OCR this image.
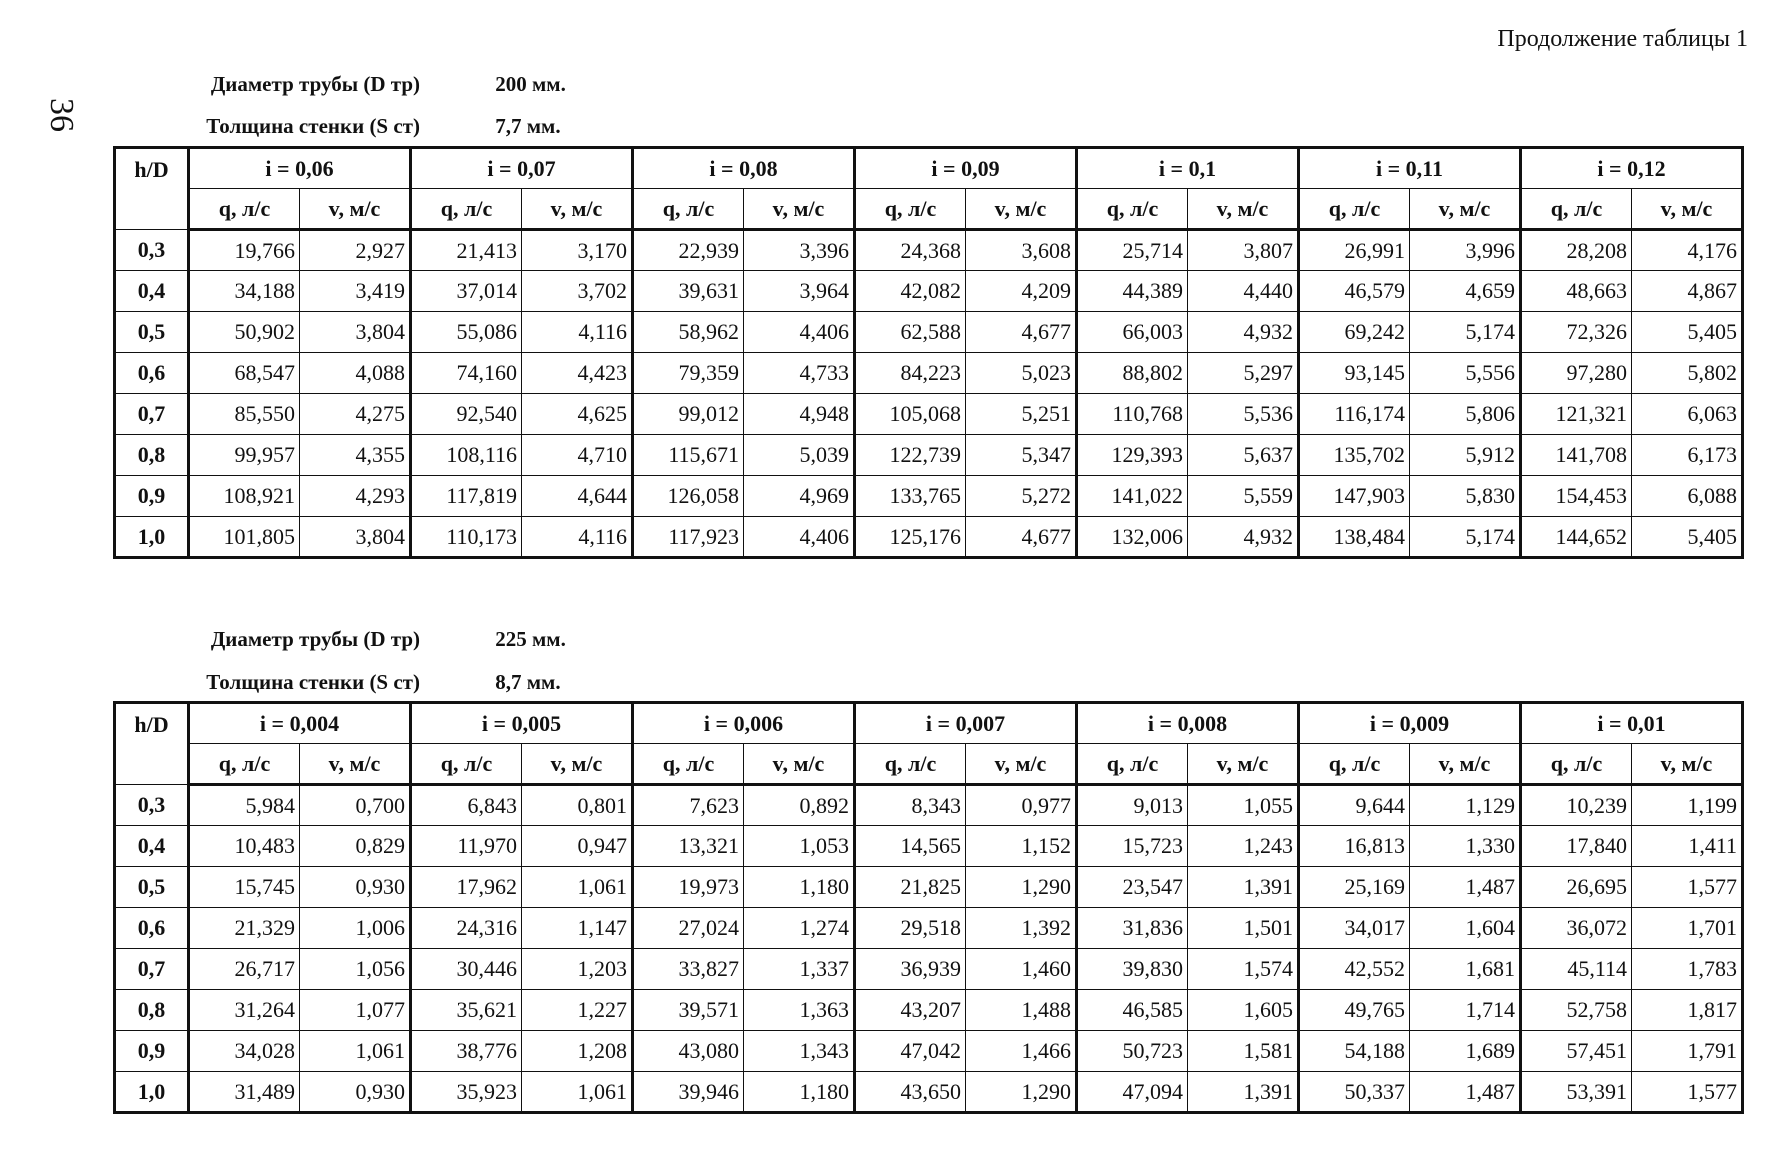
Продолжение таблицы 1
36
Диаметр трубы (D тр)	200 мм.
Толщина стенки (S ст)	7,7 мм.
h/D	i = 0,06		i = 0,07		i = 0,08		i = 0,09		i = 0,1		i = 0,11		i = 0,12	
	q, л/с	v, м/с	q, л/с	v, м/с	q, л/с	v, м/с	q, л/с	v, м/с	q, л/с	v, м/с	q, л/с	v, м/с	q, л/с	v, м/с
0,3	19,766	2,927	21,413	3,170	22,939	3,396	24,368	3,608	25,714	3,807	26,991	3,996	28,208	4,176
0,4	34,188	3,419	37,014	3,702	39,631	3,964	42,082	4,209	44,389	4,440	46,579	4,659	48,663	4,867
0,5	50,902	3,804	55,086	4,116	58,962	4,406	62,588	4,677	66,003	4,932	69,242	5,174	72,326	5,405
0,6	68,547	4,088	74,160	4,423	79,359	4,733	84,223	5,023	88,802	5,297	93,145	5,556	97,280	5,802
0,7	85,550	4,275	92,540	4,625	99,012	4,948	105,068	5,251	110,768	5,536	116,174	5,806	121,321	6,063
0,8	99,957	4,355	108,116	4,710	115,671	5,039	122,739	5,347	129,393	5,637	135,702	5,912	141,708	6,173
0,9	108,921	4,293	117,819	4,644	126,058	4,969	133,765	5,272	141,022	5,559	147,903	5,830	154,453	6,088
1,0	101,805	3,804	110,173	4,116	117,923	4,406	125,176	4,677	132,006	4,932	138,484	5,174	144,652	5,405
Диаметр трубы (D тр)	225 мм.
Толщина стенки (S ст)	8,7 мм.
h/D	i = 0,004		i = 0,005		i = 0,006		i = 0,007		i = 0,008		i = 0,009		i = 0,01	
	q, л/с	v, м/с	q, л/с	v, м/с	q, л/с	v, м/с	q, л/с	v, м/с	q, л/с	v, м/с	q, л/с	v, м/с	q, л/с	v, м/с
0,3	5,984	0,700	6,843	0,801	7,623	0,892	8,343	0,977	9,013	1,055	9,644	1,129	10,239	1,199
0,4	10,483	0,829	11,970	0,947	13,321	1,053	14,565	1,152	15,723	1,243	16,813	1,330	17,840	1,411
0,5	15,745	0,930	17,962	1,061	19,973	1,180	21,825	1,290	23,547	1,391	25,169	1,487	26,695	1,577
0,6	21,329	1,006	24,316	1,147	27,024	1,274	29,518	1,392	31,836	1,501	34,017	1,604	36,072	1,701
0,7	26,717	1,056	30,446	1,203	33,827	1,337	36,939	1,460	39,830	1,574	42,552	1,681	45,114	1,783
0,8	31,264	1,077	35,621	1,227	39,571	1,363	43,207	1,488	46,585	1,605	49,765	1,714	52,758	1,817
0,9	34,028	1,061	38,776	1,208	43,080	1,343	47,042	1,466	50,723	1,581	54,188	1,689	57,451	1,791
1,0	31,489	0,930	35,923	1,061	39,946	1,180	43,650	1,290	47,094	1,391	50,337	1,487	53,391	1,577
